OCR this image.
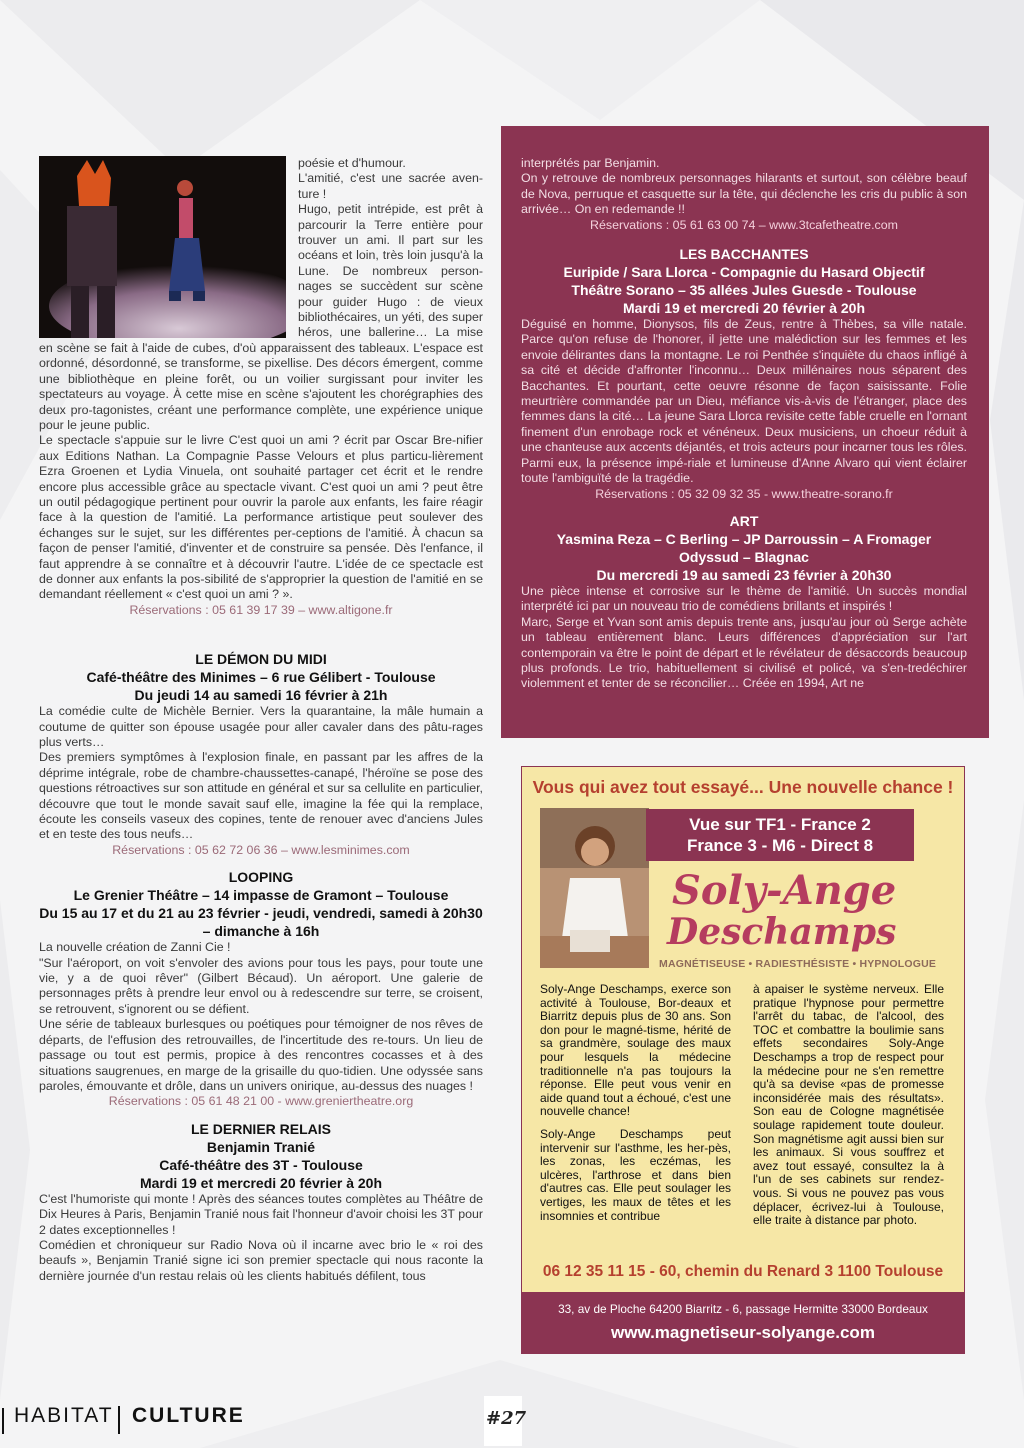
poésie et d'humour.

L'amitié, c'est une sacrée aven-ture !

Hugo, petit intrépide, est prêt à parcourir la Terre entière pour trouver un ami. Il part sur les océans et loin, très loin jusqu'à la Lune. De nombreux person-nages se succèdent sur scène pour guider Hugo : de vieux bibliothécaires, un yéti, des super héros, une ballerine… La mise en scène se fait à l'aide de cubes, d'où apparaissent des tableaux. L'espace est ordonné, désordonné, se transforme, se pixellise. Des décors émergent, comme une bibliothèque en pleine forêt, ou un voilier surgissant pour inviter les spectateurs au voyage. À cette mise en scène s'ajoutent les chorégraphies des deux pro-tagonistes, créant une performance complète, une expérience unique pour le jeune public.

Le spectacle s'appuie sur le livre C'est quoi un ami ? écrit par Oscar Bre-nifier aux Editions Nathan. La Compagnie Passe Velours et plus particu-lièrement Ezra Groenen et Lydia Vinuela, ont souhaité partager cet écrit et le rendre encore plus accessible grâce au spectacle vivant. C'est quoi un ami ? peut être un outil pédagogique pertinent pour ouvrir la parole aux enfants, les faire réagir face à la question de l'amitié. La performance artistique peut soulever des échanges sur le sujet, sur les différentes per-ceptions de l'amitié. À chacun sa façon de penser l'amitié, d'inventer et de construire sa pensée. Dès l'enfance, il faut apprendre à se connaître et à découvrir l'autre. L'idée de ce spectacle est de donner aux enfants la pos-sibilité de s'approprier la question de l'amitié en se demandant réellement « c'est quoi un ami ? ».

Réservations : 05 61 39 17 39 – www.altigone.fr

LE DÉMON DU MIDI
Café-théâtre des Minimes – 6 rue Gélibert - Toulouse
Du jeudi 14 au samedi 16 février à 21h

La comédie culte de Michèle Bernier. Vers la quarantaine, la mâle humain a coutume de quitter son épouse usagée pour aller cavaler dans des pâtu-rages plus verts…

Des premiers symptômes à l'explosion finale, en passant par les affres de la déprime intégrale, robe de chambre-chaussettes-canapé, l'héroïne se pose des questions rétroactives sur son attitude en général et sur sa cellulite en particulier, découvre que tout le monde savait sauf elle, imagine la fée qui la remplace, écoute les conseils vaseux des copines, tente de renouer avec d'anciens Jules et en teste des tous neufs…

Réservations : 05 62 72 06 36 – www.lesminimes.com

LOOPING
Le Grenier Théâtre – 14 impasse de Gramont – Toulouse
Du 15 au 17 et du 21 au 23 février - jeudi, vendredi, samedi à 20h30 – dimanche à 16h

La nouvelle création de Zanni Cie !

"Sur l'aéroport, on voit s'envoler des avions pour tous les pays, pour toute une vie, y a de quoi rêver" (Gilbert Bécaud). Un aéroport. Une galerie de personnages prêts à prendre leur envol ou à redescendre sur terre, se croisent, se retrouvent, s'ignorent ou se défient.

Une série de tableaux burlesques ou poétiques pour témoigner de nos rêves de départs, de l'effusion des retrouvailles, de l'incertitude des re-tours. Un lieu de passage ou tout est permis, propice à des rencontres cocasses et à des situations saugrenues, en marge de la grisaille du quo-tidien. Une odyssée sans paroles, émouvante et drôle, dans un univers onirique, au-dessus des nuages !

Réservations : 05 61 48 21 00 - www.greniertheatre.org

LE DERNIER RELAIS
Benjamin Tranié
Café-théâtre des 3T - Toulouse
Mardi 19 et mercredi 20 février à 20h

C'est l'humoriste qui monte ! Après des séances toutes complètes au Théâtre de Dix Heures à Paris, Benjamin Tranié nous fait l'honneur d'avoir choisi les 3T pour 2 dates exceptionnelles !

Comédien et chroniqueur sur Radio Nova où il incarne avec brio le « roi des beaufs », Benjamin Tranié signe ici son premier spectacle qui nous raconte la dernière journée d'un restau relais où les clients habitués défilent, tous

interprétés par Benjamin.

On y retrouve de nombreux personnages hilarants et surtout, son célèbre beauf de Nova, perruque et casquette sur la tête, qui déclenche les cris du public à son arrivée… On en redemande !!

Réservations : 05 61 63 00 74 – www.3tcafetheatre.com

LES BACCHANTES
Euripide / Sara Llorca - Compagnie du Hasard Objectif
Théâtre Sorano – 35 allées Jules Guesde - Toulouse
Mardi 19 et mercredi 20 février à 20h

Déguisé en homme, Dionysos, fils de Zeus, rentre à Thèbes, sa ville natale. Parce qu'on refuse de l'honorer, il jette une malédiction sur les femmes et les envoie délirantes dans la montagne. Le roi Penthée s'inquiète du chaos infligé à sa cité et décide d'affronter l'inconnu… Deux millénaires nous séparent des Bacchantes. Et pourtant, cette oeuvre résonne de façon saisissante. Folie meurtrière commandée par un Dieu, méfiance vis-à-vis de l'étranger, place des femmes dans la cité… La jeune Sara Llorca revisite cette fable cruelle en l'ornant finement d'un enrobage rock et vénéneux. Deux musiciens, un choeur réduit à une chanteuse aux accents déjantés, et trois acteurs pour incarner tous les rôles. Parmi eux, la présence impé-riale et lumineuse d'Anne Alvaro qui vient éclairer toute l'ambiguïté de la tragédie.

Réservations : 05 32 09 32 35 - www.theatre-sorano.fr

ART
Yasmina Reza – C Berling – JP Darroussin – A Fromager
Odyssud – Blagnac
Du mercredi 19 au samedi 23 février à 20h30

Une pièce intense et corrosive sur le thème de l'amitié. Un succès mondial interprété ici par un nouveau trio de comédiens brillants et inspirés !

Marc, Serge et Yvan sont amis depuis trente ans, jusqu'au jour où Serge achète un tableau entièrement blanc. Leurs différences d'appréciation sur l'art contemporain va être le point de départ et le révélateur de désaccords beaucoup plus profonds. Le trio, habituellement si civilisé et policé, va s'en-tredéchirer violemment et tenter de se réconcilier… Créée en 1994, Art ne

Vous qui avez tout essayé... Une nouvelle chance !
Vue sur TF1 - France 2
France 3 - M6 - Direct 8
Soly-Ange
Deschamps
MAGNÉTISEUSE • RADIESTHÉSISTE • HYPNOLOGUE

Soly-Ange Deschamps, exerce son activité à Toulouse, Bor-deaux et Biarritz depuis plus de 30 ans. Son don pour le magné-tisme, hérité de sa grandmère, soulage des maux pour lesquels la médecine traditionnelle n'a pas toujours la réponse. Elle peut vous venir en aide quand tout a échoué, c'est une nouvelle chance!

Soly-Ange Deschamps peut intervenir sur l'asthme, les her-pès, les zonas, les eczémas, les ulcères, l'arthrose et dans bien d'autres cas. Elle peut soulager les vertiges, les maux de têtes et les insomnies et contribue

à apaiser le système nerveux. Elle pratique l'hypnose pour permettre l'arrêt du tabac, de l'alcool, des TOC et combattre la boulimie sans effets secondaires Soly-Ange Deschamps a trop de respect pour la médecine pour ne s'en remettre qu'à sa devise «pas de promesse inconsidérée mais des résultats». Son eau de Cologne magnétisée soulage rapidement toute douleur. Son magnétisme agit aussi bien sur les animaux. Si vous souffrez et avez tout essayé, consultez la à l'un de ses cabinets sur rendez-vous. Si vous ne pouvez pas vous déplacer, écrivez-lui à Toulouse, elle traite à distance par photo.

06 12 35 11 15 - 60, chemin du Renard 3 1100 Toulouse
33, av de Ploche 64200 Biarritz - 6, passage Hermitte 33000 Bordeaux
www.magnetiseur-solyange.com
HABITAT CULTURE	#27
